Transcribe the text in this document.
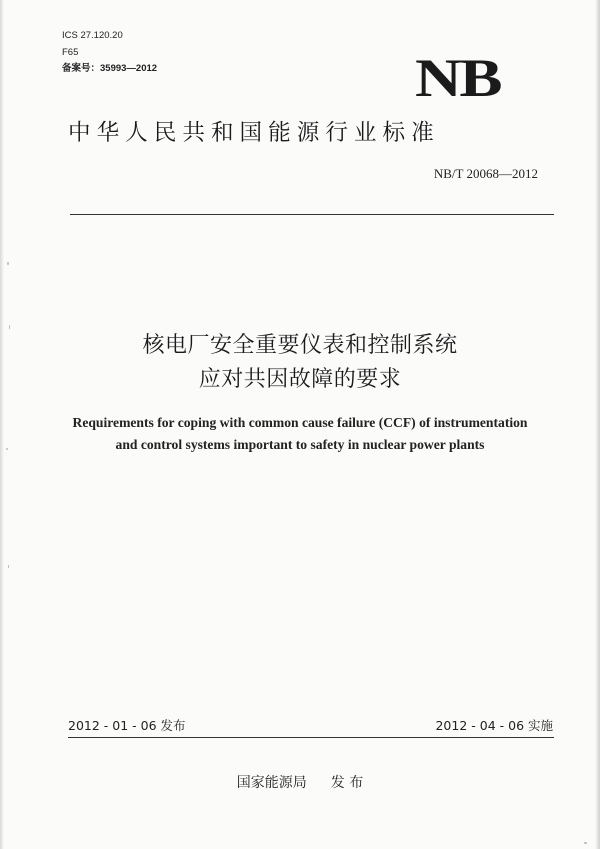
ICS 27.120.20
F65
备案号：35993—2012	NB
中华人民共和国能源行业标准
NB/T 20068—2012
核电厂安全重要仪表和控制系统
应对共因故障的要求
Requirements for coping with common cause failure (CCF) of instrumentation
and control systems important to safety in nuclear power plants
2012 - 01 - 06 发布	2012 - 04 - 06 实施
国家能源局 发 布
